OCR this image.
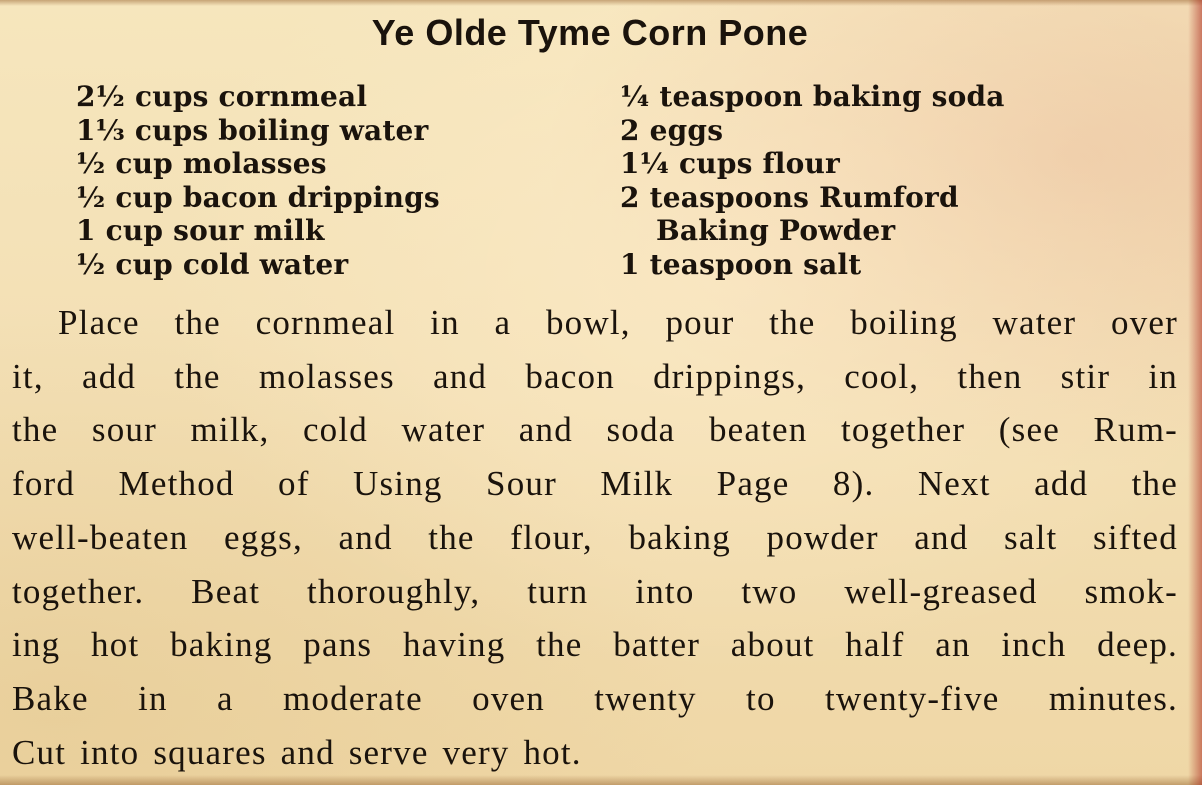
Ye Olde Tyme Corn Pone
2½ cups cornmeal
1⅓ cups boiling water
½ cup molasses
½ cup bacon drippings
1 cup sour milk
½ cup cold water
¼ teaspoon baking soda
2 eggs
1¼ cups flour
2 teaspoons Rumford
Baking Powder
1 teaspoon salt

Place the cornmeal in a bowl, pour the boiling water over
it, add the molasses and bacon drippings, cool, then stir in
the sour milk, cold water and soda beaten together (see Rum-
ford Method of Using Sour Milk Page 8). Next add the
well-beaten eggs, and the flour, baking powder and salt sifted
together. Beat thoroughly, turn into two well-greased smok-
ing hot baking pans having the batter about half an inch deep.
Bake in a moderate oven twenty to twenty-five minutes.
Cut into squares and serve very hot.
